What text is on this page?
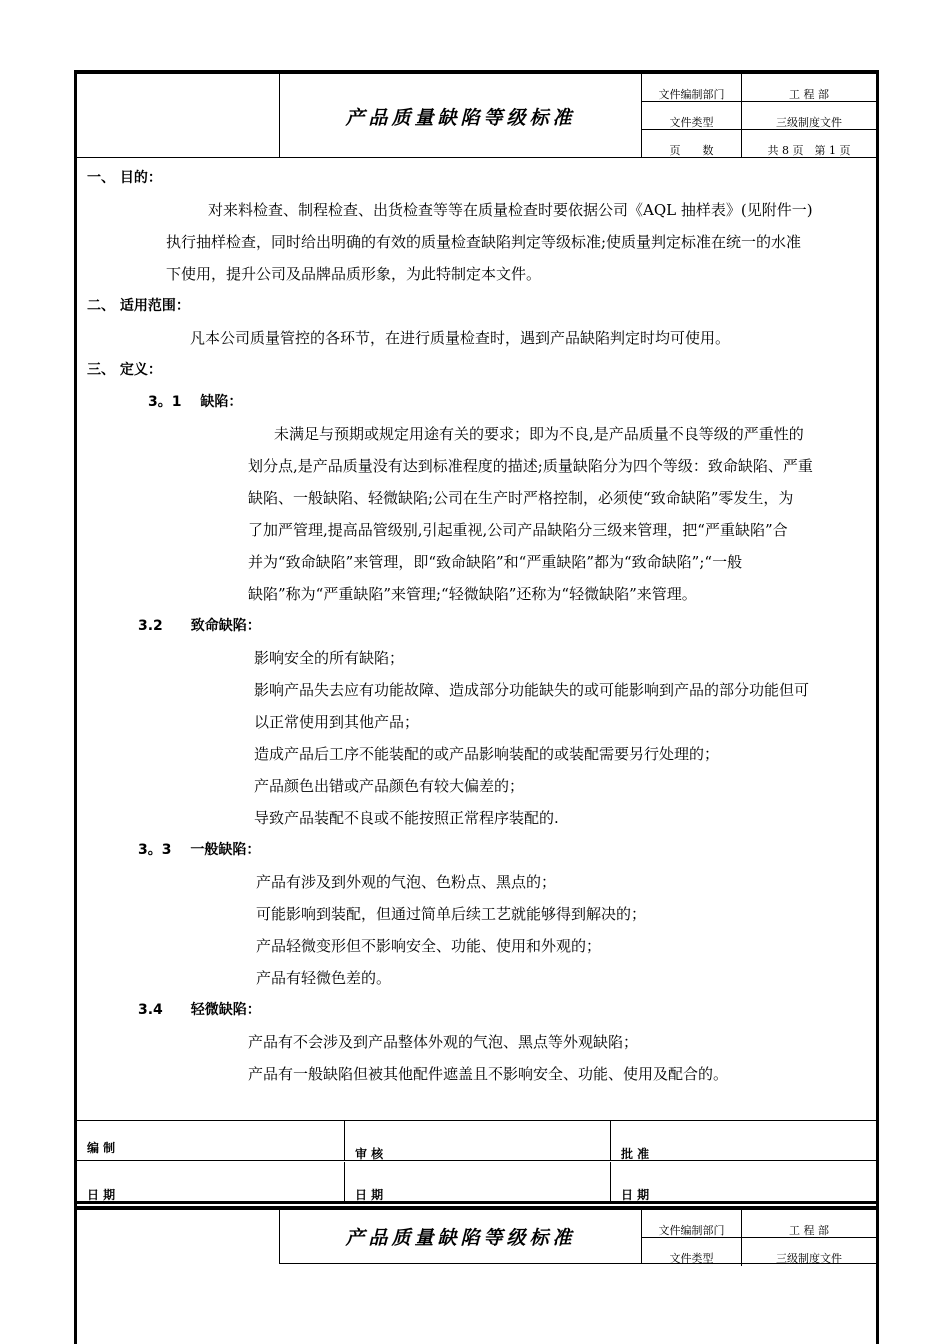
产品质量缺陷等级标准
文件编制部门	工 程 部
文件类型	三级制度文件
页　　数	共 8 页　第 1 页
一、 目的：
对来料检查、制程检查、出货检查等等在质量检查时要依据公司《AQL 抽样表》(见附件一)
执行抽样检查，同时给出明确的有效的质量检查缺陷判定等级标准;使质量判定标准在统一的水准
下使用，提升公司及品牌品质形象，为此特制定本文件。
二、 适用范围：
凡本公司质量管控的各环节，在进行质量检查时，遇到产品缺陷判定时均可使用。
三、 定义：
3。1　 缺陷：
未满足与预期或规定用途有关的要求；即为不良,是产品质量不良等级的严重性的
划分点,是产品质量没有达到标准程度的描述;质量缺陷分为四个等级：致命缺陷、严重
缺陷、一般缺陷、轻微缺陷;公司在生产时严格控制，必须使“致命缺陷”零发生，为
了加严管理,提高品管级别,引起重视,公司产品缺陷分三级来管理，把“严重缺陷”合
并为“致命缺陷”来管理，即“致命缺陷”和“严重缺陷”都为“致命缺陷”;“一般
缺陷”称为“严重缺陷”来管理;“轻微缺陷”还称为“轻微缺陷”来管理。
3.2　　致命缺陷：
影响安全的所有缺陷；
影响产品失去应有功能故障、造成部分功能缺失的或可能影响到产品的部分功能但可
以正常使用到其他产品；
造成产品后工序不能装配的或产品影响装配的或装配需要另行处理的；
产品颜色出错或产品颜色有较大偏差的；
导致产品装配不良或不能按照正常程序装配的.
3。3　 一般缺陷：
产品有涉及到外观的气泡、色粉点、黑点的；
可能影响到装配，但通过简单后续工艺就能够得到解决的；
产品轻微变形但不影响安全、功能、使用和外观的；
产品有轻微色差的。
3.4　　轻微缺陷：
产品有不会涉及到产品整体外观的气泡、黑点等外观缺陷；
产品有一般缺陷但被其他配件遮盖且不影响安全、功能、使用及配合的。
编 制	审 核	批 准
日 期	日 期	日 期
产品质量缺陷等级标准	文件编制部门	工 程 部
文件类型	三级制度文件
